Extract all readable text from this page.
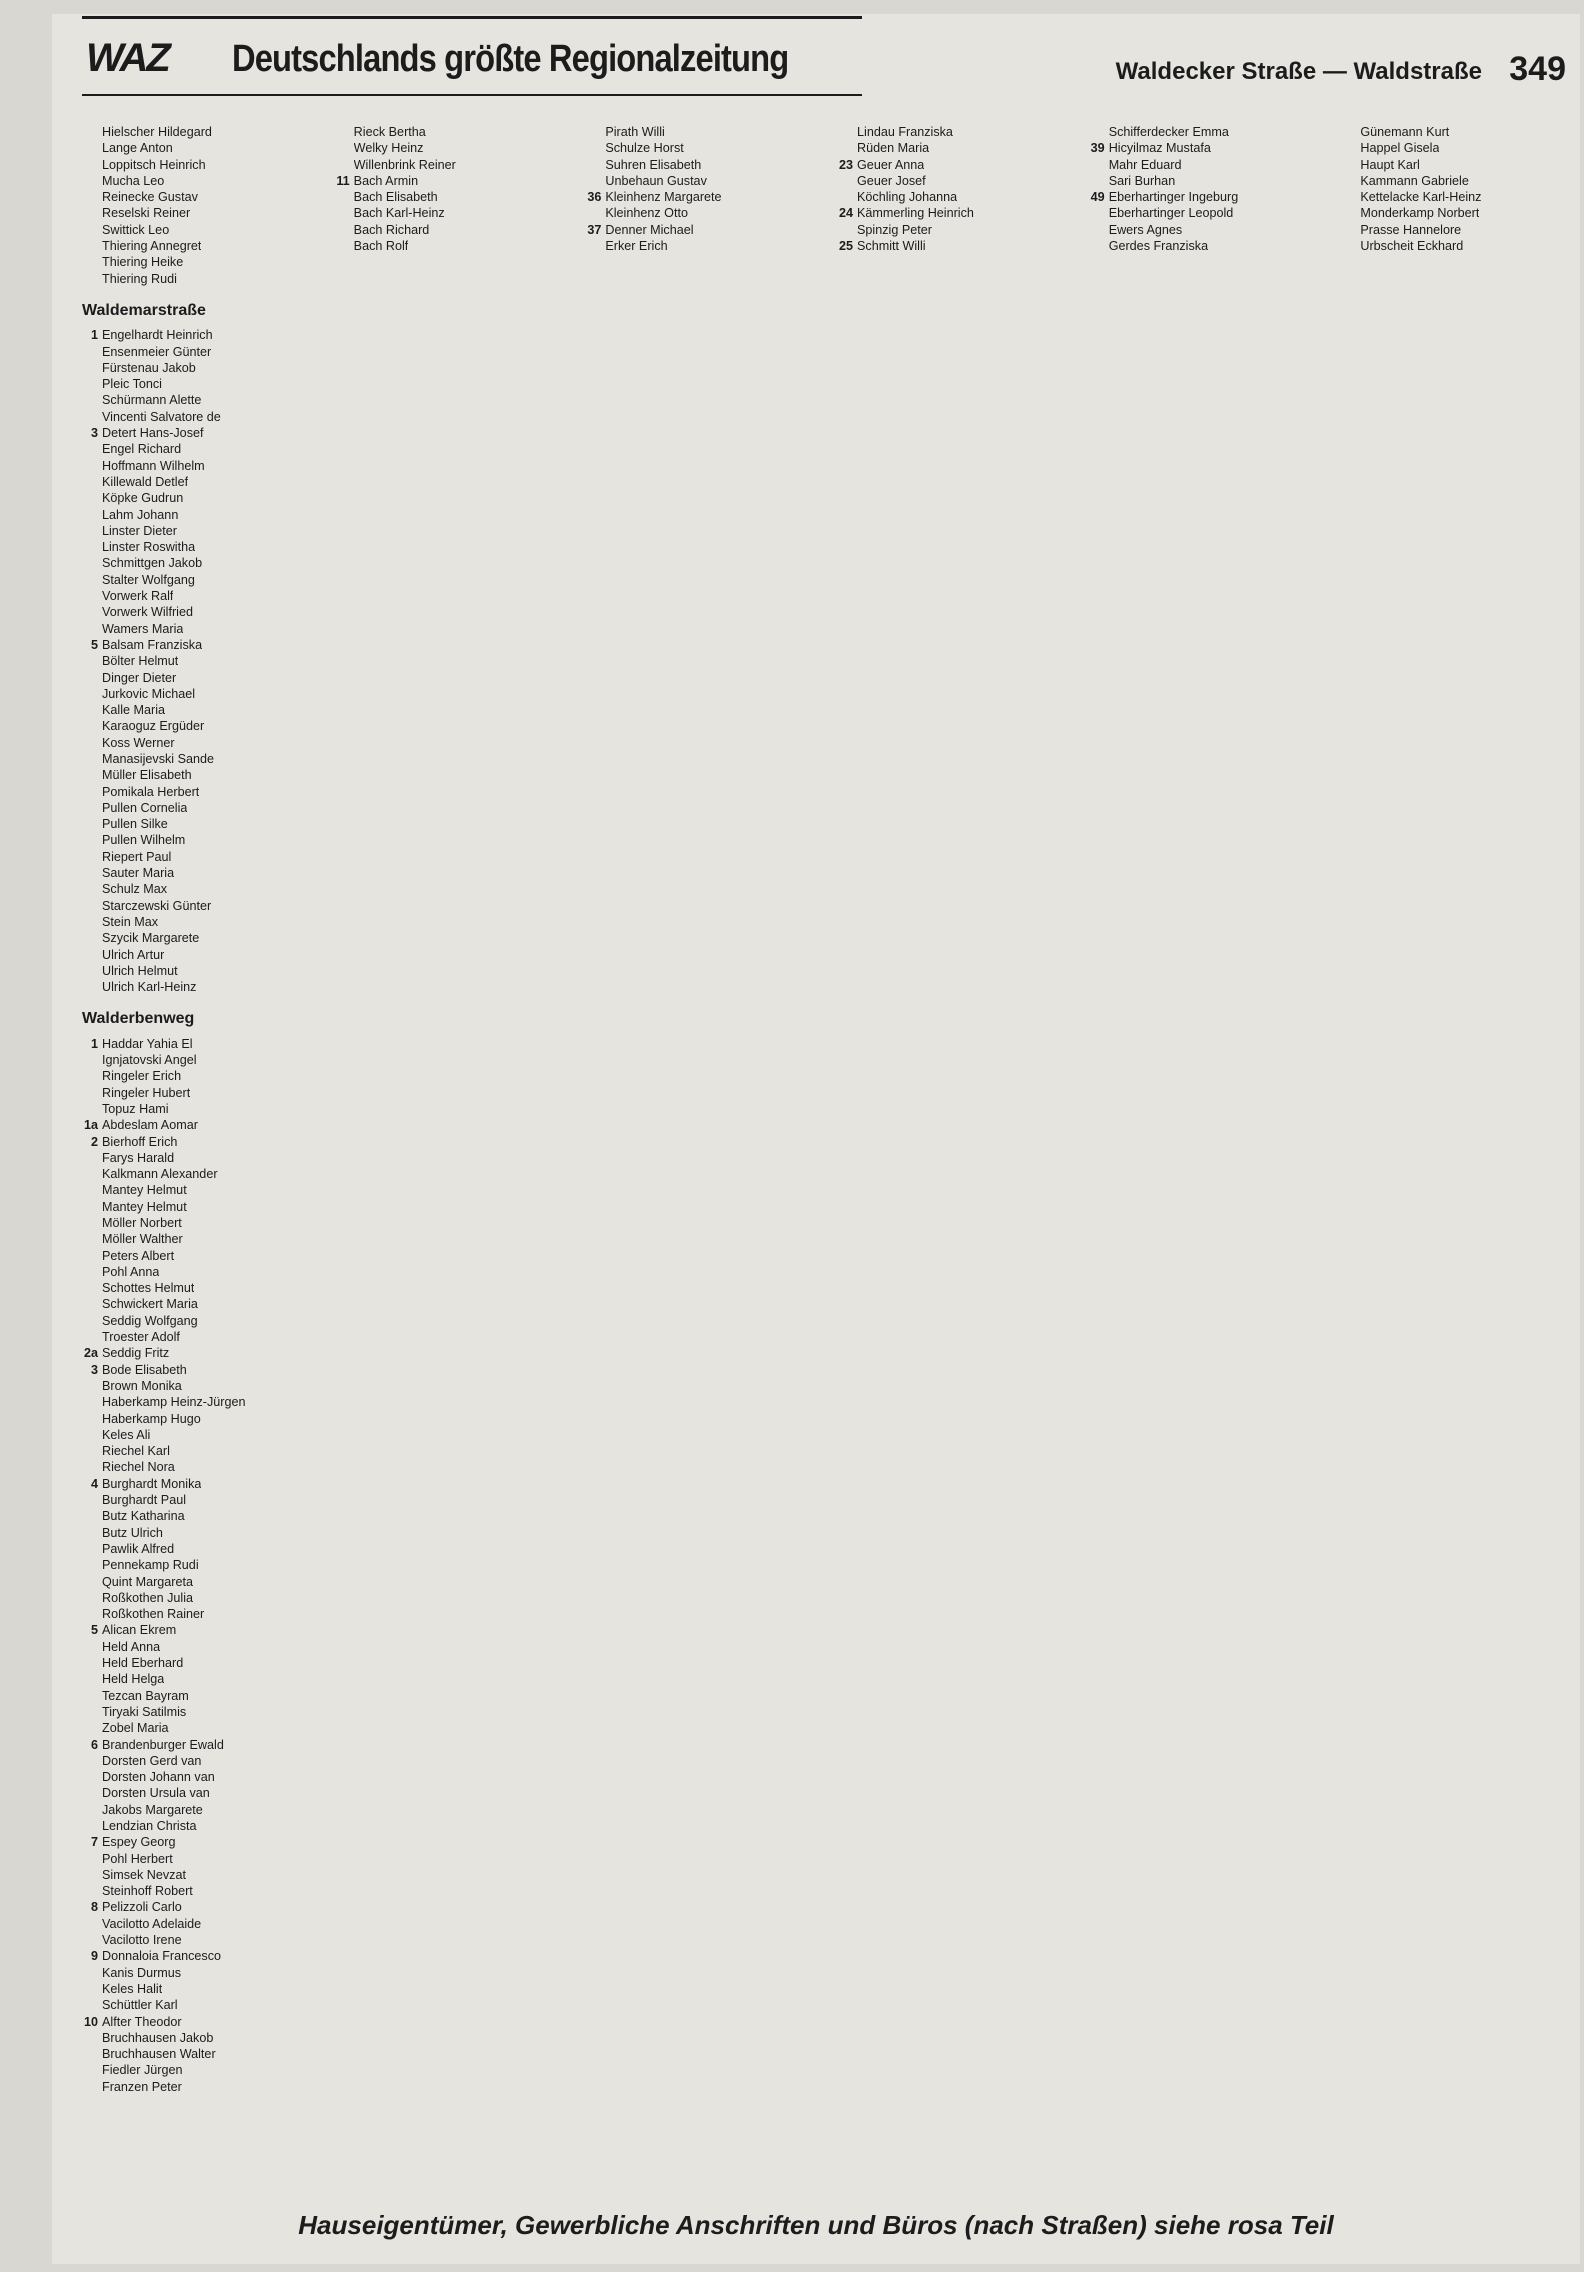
WAZ Deutschlands größte Regionalzeitung	Waldecker Straße — Waldstraße 349
Hielscher Hildegard
Lange Anton
Loppitsch Heinrich
Mucha Leo
Reinecke Gustav
Reselski Reiner
Swittick Leo
Thiering Annegret
Thiering Heike
Thiering Rudi
Waldemarstraße
1 Engelhardt Heinrich
Ensenmeier Günter
Fürstenau Jakob
Pleic Tonci
Schürmann Alette
Vincenti Salvatore de
3 Detert Hans-Josef
Engel Richard
Hoffmann Wilhelm
Killewald Detlef
Köpke Gudrun
Lahm Johann
Linster Dieter
Linster Roswitha
Schmittgen Jakob
Stalter Wolfgang
Vorwerk Ralf
Vorwerk Wilfried
Wamers Maria
5 Balsam Franziska
Bölter Helmut
Dinger Dieter
Jurkovic Michael
Kalle Maria
Karaoguz Ergüder
Koss Werner
Manasijevski Sande
Müller Elisabeth
Pomikala Herbert
Pullen Cornelia
Pullen Silke
Pullen Wilhelm
Riepert Paul
Sauter Maria
Schulz Max
Starczewski Günter
Stein Max
Szycik Margarete
Ulrich Artur
Ulrich Helmut
Ulrich Karl-Heinz
Walderbenweg
1 Haddar Yahia El
Ignjatovski Angel
Ringeler Erich
Ringeler Hubert
Topuz Hami
1a Abdeslam Aomar
2 Bierhoff Erich
Farys Harald
Kalkmann Alexander
Mantey Helmut
Mantey Helmut
Möller Norbert
Möller Walther
Peters Albert
Pohl Anna
Schottes Helmut
Schwickert Maria
Seddig Wolfgang
Troester Adolf
2a Seddig Fritz
3 Bode Elisabeth
Brown Monika
Haberkamp Heinz-Jürgen
Haberkamp Hugo
Keles Ali
Riechel Karl
Riechel Nora
4 Burghardt Monika
Burghardt Paul
Butz Katharina
Butz Ulrich
Pawlik Alfred
Pennekamp Rudi
Quint Margareta
Roßkothen Julia
Roßkothen Rainer
5 Alican Ekrem
Held Anna
Held Eberhard
Held Helga
Tezcan Bayram
Tiryaki Satilmis
Zobel Maria
6 Brandenburger Ewald
Dorsten Gerd van
Dorsten Johann van
Dorsten Ursula van
Jakobs Margarete
Lendzian Christa
7 Espey Georg
Pohl Herbert
Simsek Nevzat
Steinhoff Robert
8 Pelizzoli Carlo
Vacilotto Adelaide
Vacilotto Irene
9 Donnaloia Francesco
Kanis Durmus
Keles Halit
Schüttler Karl
10 Alfter Theodor
Bruchhausen Jakob
Bruchhausen Walter
Fiedler Jürgen
Franzen Peter
Rieck Bertha
Welky Heinz
Willenbrink Reiner
11 Bach Armin
Bach Elisabeth
Bach Karl-Heinz
Bach Richard
Bach Rolf
Pirath Willi
Schulze Horst
Suhren Elisabeth
Unbehaun Gustav
36 Kleinhenz Margarete
Kleinhenz Otto
37 Denner Michael
Erker Erich
Lindau Franziska
Rüden Maria
23 Geuer Anna
Geuer Josef
Köchling Johanna
24 Kämmerling Heinrich
Spinzig Peter
25 Schmitt Willi
Schifferdecker Emma
39 Hicyilmaz Mustafa
Mahr Eduard
Sari Burhan
49 Eberhartinger Ingeburg
Eberhartinger Leopold
Ewers Agnes
Gerdes Franziska
Günemann Kurt
Happel Gisela
Haupt Karl
Kammann Gabriele
Kettelacke Karl-Heinz
Monderkamp Norbert
Prasse Hannelore
Urbscheit Eckhard
Hauseigentümer, Gewerbliche Anschriften und Büros (nach Straßen) siehe rosa Teil
